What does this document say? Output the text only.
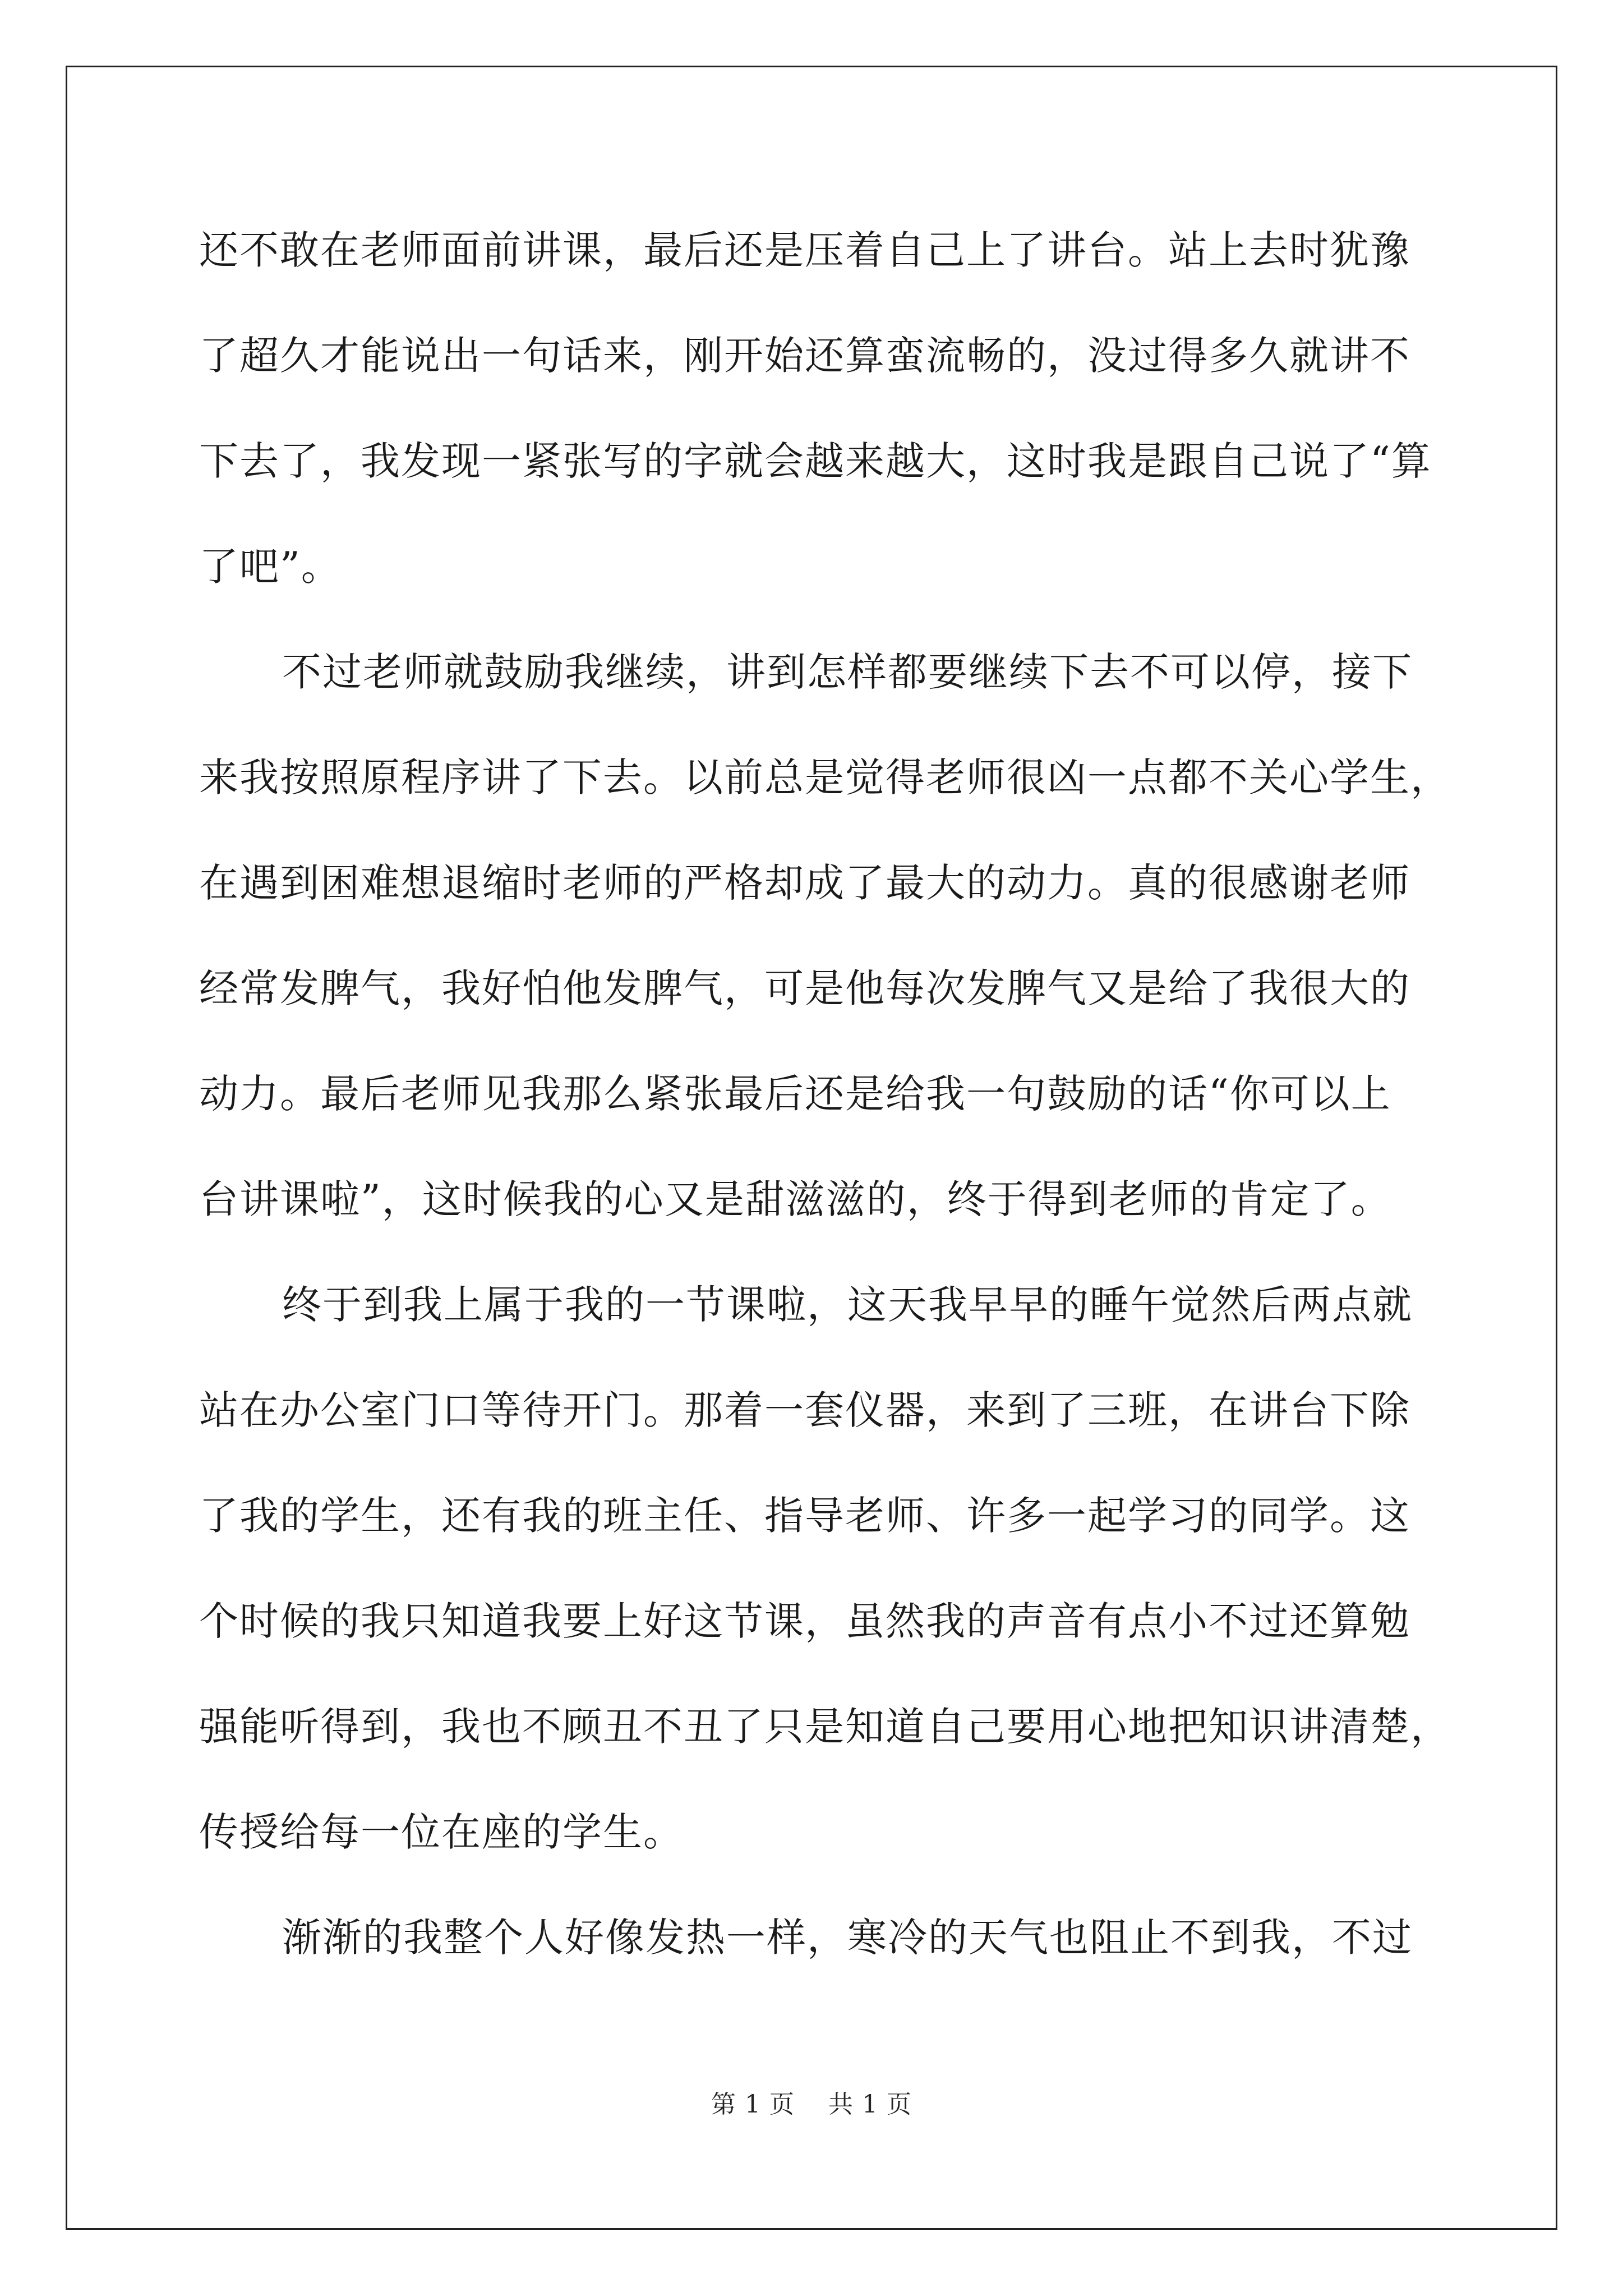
还不敢在老师面前讲课，最后还是压着自己上了讲台。站上去时犹豫
了超久才能说出一句话来，刚开始还算蛮流畅的，没过得多久就讲不
下去了，我发现一紧张写的字就会越来越大，这时我是跟自己说了“算
了吧”。
不过老师就鼓励我继续，讲到怎样都要继续下去不可以停，接下
来我按照原程序讲了下去。以前总是觉得老师很凶一点都不关心学生，
在遇到困难想退缩时老师的严格却成了最大的动力。真的很感谢老师
经常发脾气，我好怕他发脾气，可是他每次发脾气又是给了我很大的
动力。最后老师见我那么紧张最后还是给我一句鼓励的话“你可以上
台讲课啦”，这时候我的心又是甜滋滋的，终于得到老师的肯定了。
终于到我上属于我的一节课啦，这天我早早的睡午觉然后两点就
站在办公室门口等待开门。那着一套仪器，来到了三班，在讲台下除
了我的学生，还有我的班主任、指导老师、许多一起学习的同学。这
个时候的我只知道我要上好这节课，虽然我的声音有点小不过还算勉
强能听得到，我也不顾丑不丑了只是知道自己要用心地把知识讲清楚，
传授给每一位在座的学生。
渐渐的我整个人好像发热一样，寒冷的天气也阻止不到我，不过
第 1 页 共 1 页
